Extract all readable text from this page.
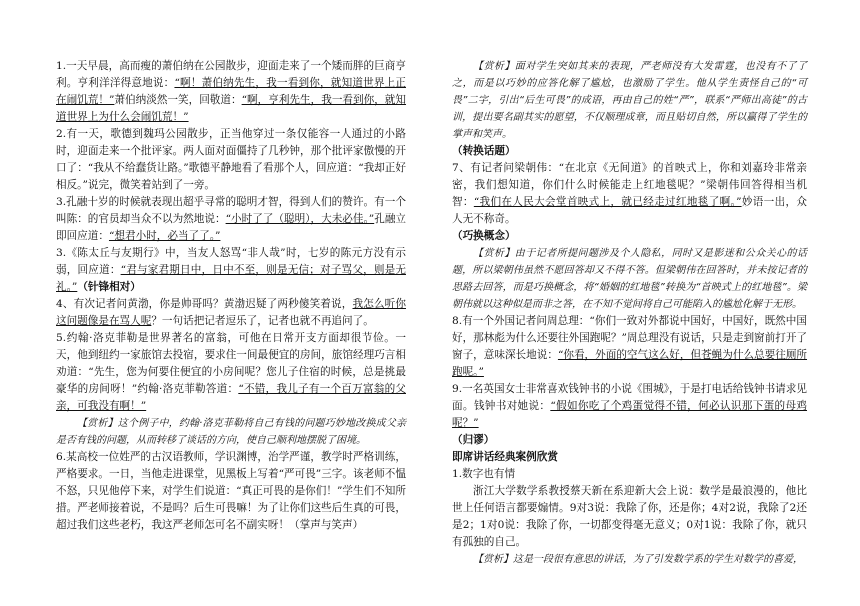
1.一天早晨，高而瘦的萧伯纳在公园散步，迎面走来了一个矮而胖的巨商亨利。亨利洋洋得意地说：“啊！萧伯纳先生，我一看到你，就知道世界上正在闹饥荒！”萧伯纳淡然一笑，回敬道：“啊，亨利先生，我一看到你，就知道世界上为什么会闹饥荒！”

2.有一天，歌德到魏玛公园散步，正当他穿过一条仅能容一人通过的小路时，迎面走来一个批评家。两人面对面僵持了几秒钟，那个批评家傲慢的开口了：“我从不给蠢货让路。”歌德平静地看了看那个人，回应道：“我却正好相反。”说完，微笑着站到了一旁。

3.孔融十岁的时候就表现出超乎寻常的聪明才智，得到人们的赞许。有一个叫陈：的官员却当众不以为然地说：“小时了了（聪明），大未必佳。”孔融立即回应道：“想君小时，必当了了。”

3.《陈太丘与友期行》中，当友人怒骂“非人哉”时，七岁的陈元方没有示弱，回应道：“君与家君期日中，日中不至，则是无信；对子骂父，则是无礼。”（针锋相对）

4、有次记者问黄渤，你是帅哥吗？黄渤迟疑了两秒傻笑着说，我怎么听你这问题像是在骂人呢？一句话把记者逗乐了，记者也就不再追问了。

5.约翰·洛克菲勒是世界著名的富翁，可他在日常开支方面却很节俭。一天，他到纽约一家旅馆去投宿，要求住一间最便宜的房间，旅馆经理巧言相劝道：“先生，您为何要住便宜的小房间呢？您儿子住宿的时候，总是挑最豪华的房间呀！”约翰·洛克菲勒答道：“不错，我儿子有一个百万富翁的父亲，可我没有啊！”

【赏析】这个例子中，约翰·洛克菲勒将自己有钱的问题巧妙地改换成父亲是否有钱的问题，从而转移了谈话的方向，使自己顺利地摆脱了困境。

6.某高校一位姓严的古汉语教师，学识渊博，治学严谨，教学时严格训练，严格要求。一日，当他走进课堂，见黑板上写着“严可畏”三字。该老师不愠不怒，只见他停下来，对学生们说道：“真正可畏的是你们！”学生们不知所措。严老师接着说，不是吗？后生可畏嘛！为了让你们这些后生真的可畏，超过我们这些老朽，我这严老师怎可名不副实呀！（掌声与笑声）

【赏析】面对学生突如其来的表现，严老师没有大发雷霆，也没有不了了之，而是以巧妙的应答化解了尴尬，也激励了学生。他从学生责怪自己的“可畏”二字，引出“后生可畏”的成语，再由自己的姓“严”，联系“严师出高徒”的古训，提出要名副其实的愿望，不仅顺理成章，而且贴切自然，所以赢得了学生的掌声和笑声。

（转换话题）

7、有记者问梁朝伟：“在北京《无间道》的首映式上，你和刘嘉玲非常亲密，我们想知道，你们什么时候能走上红地毯呢？”梁朝伟回答得相当机智：“我们在人民大会堂首映式上，就已经走过红地毯了啊。”妙语一出，众人无不称奇。

（巧换概念）

【赏析】由于记者所提问题涉及个人隐私，同时又是影迷和公众关心的话题，所以梁朝伟虽然不愿回答却又不得不答。但梁朝伟在回答时，并未按记者的思路去回答，而是巧换概念，将“婚姻的红地毯”转换为“首映式上的红地毯”。梁朝伟就以这种似是而非之答，在不知不觉间将自己可能陷入的尴尬化解于无形。

8.有一个外国记者问周总理：“你们一致对外都说中国好，中国好，既然中国好，那林彪为什么还要往外国跑呢？”周总理没有说话，只是走到窗前打开了窗子，意味深长地说：“你看，外面的空气这么好，但苍蝇为什么总要往厕所跑呢。”

9.一名英国女士非常喜欢钱钟书的小说《围城》，于是打电话给钱钟书请求见面。钱钟书对她说：“假如你吃了个鸡蛋觉得不错，何必认识那下蛋的母鸡呢？”

（归谬）

即席讲话经典案例欣赏

1.数字也有情

浙江大学数学系教授蔡天新在系迎新大会上说：数学是最浪漫的，他比世上任何语言都要煽情。9对3说：我除了你，还是你；4对2说，我除了2还是2；1对0说：我除了你，一切都变得毫无意义；0对1说：我除了你，就只有孤独的自己。

【赏析】这是一段很有意思的讲话，为了引发数学系的学生对数学的喜爱，
